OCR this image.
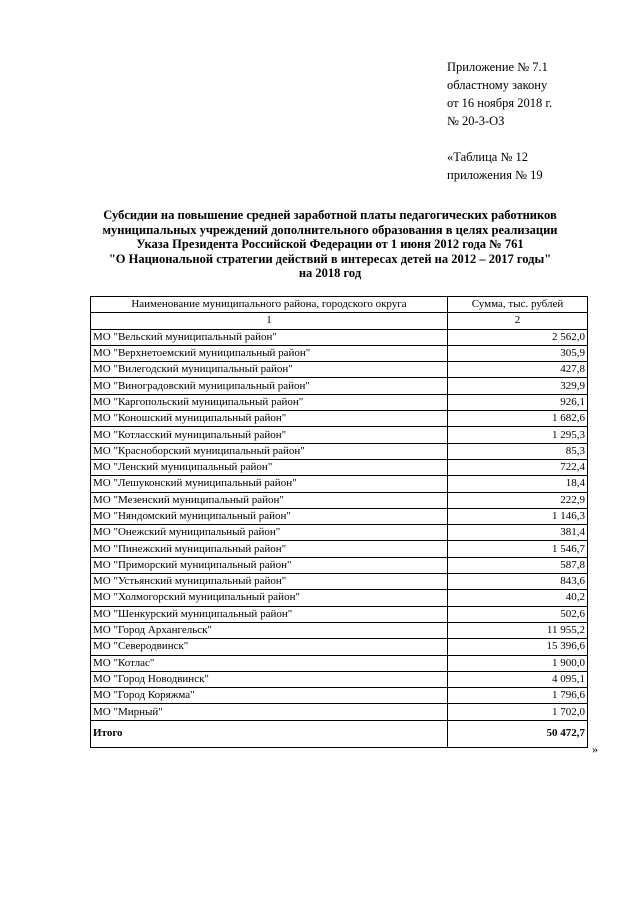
Приложение № 7.1
областному закону
от 16 ноября 2018 г.
№ 20-3-ОЗ
«Таблица № 12
приложения № 19
Субсидии на повышение средней заработной платы педагогических работников
муниципальных учреждений дополнительного образования в целях реализации
Указа Президента Российской Федерации от 1 июня 2012 года № 761
"О Национальной стратегии действий в интересах детей на 2012 – 2017 годы"
на 2018 год
Наименование муниципального района, городского округа	Сумма, тыс. рублей
1	2
МО "Вельский муниципальный район"	2 562,0
МО "Верхнетоемский муниципальный район"	305,9
МО "Вилегодский муниципальный район"	427,8
МО "Виноградовский муниципальный район"	329,9
МО "Каргопольский муниципальный район"	926,1
МО "Коношский муниципальный район"	1 682,6
МО "Котласский муниципальный район"	1 295,3
МО "Красноборский муниципальный район"	85,3
МО "Ленский муниципальный район"	722,4
МО "Лешуконский муниципальный район"	18,4
МО "Мезенский муниципальный район"	222,9
МО "Няндомский муниципальный район"	1 146,3
МО "Онежский муниципальный район"	381,4
МО "Пинежский муниципальный район"	1 546,7
МО "Приморский муниципальный район"	587,8
МО "Устьянский муниципальный район"	843,6
МО "Холмогорский муниципальный район"	40,2
МО "Шенкурский муниципальный район"	502,6
МО "Город Архангельск"	11 955,2
МО "Северодвинск"	15 396,6
МО "Котлас"	1 900,0
МО "Город Новодвинск"	4 095,1
МО "Город Коряжма"	1 796,6
МО "Мирный"	1 702,0
Итого	50 472,7
»
